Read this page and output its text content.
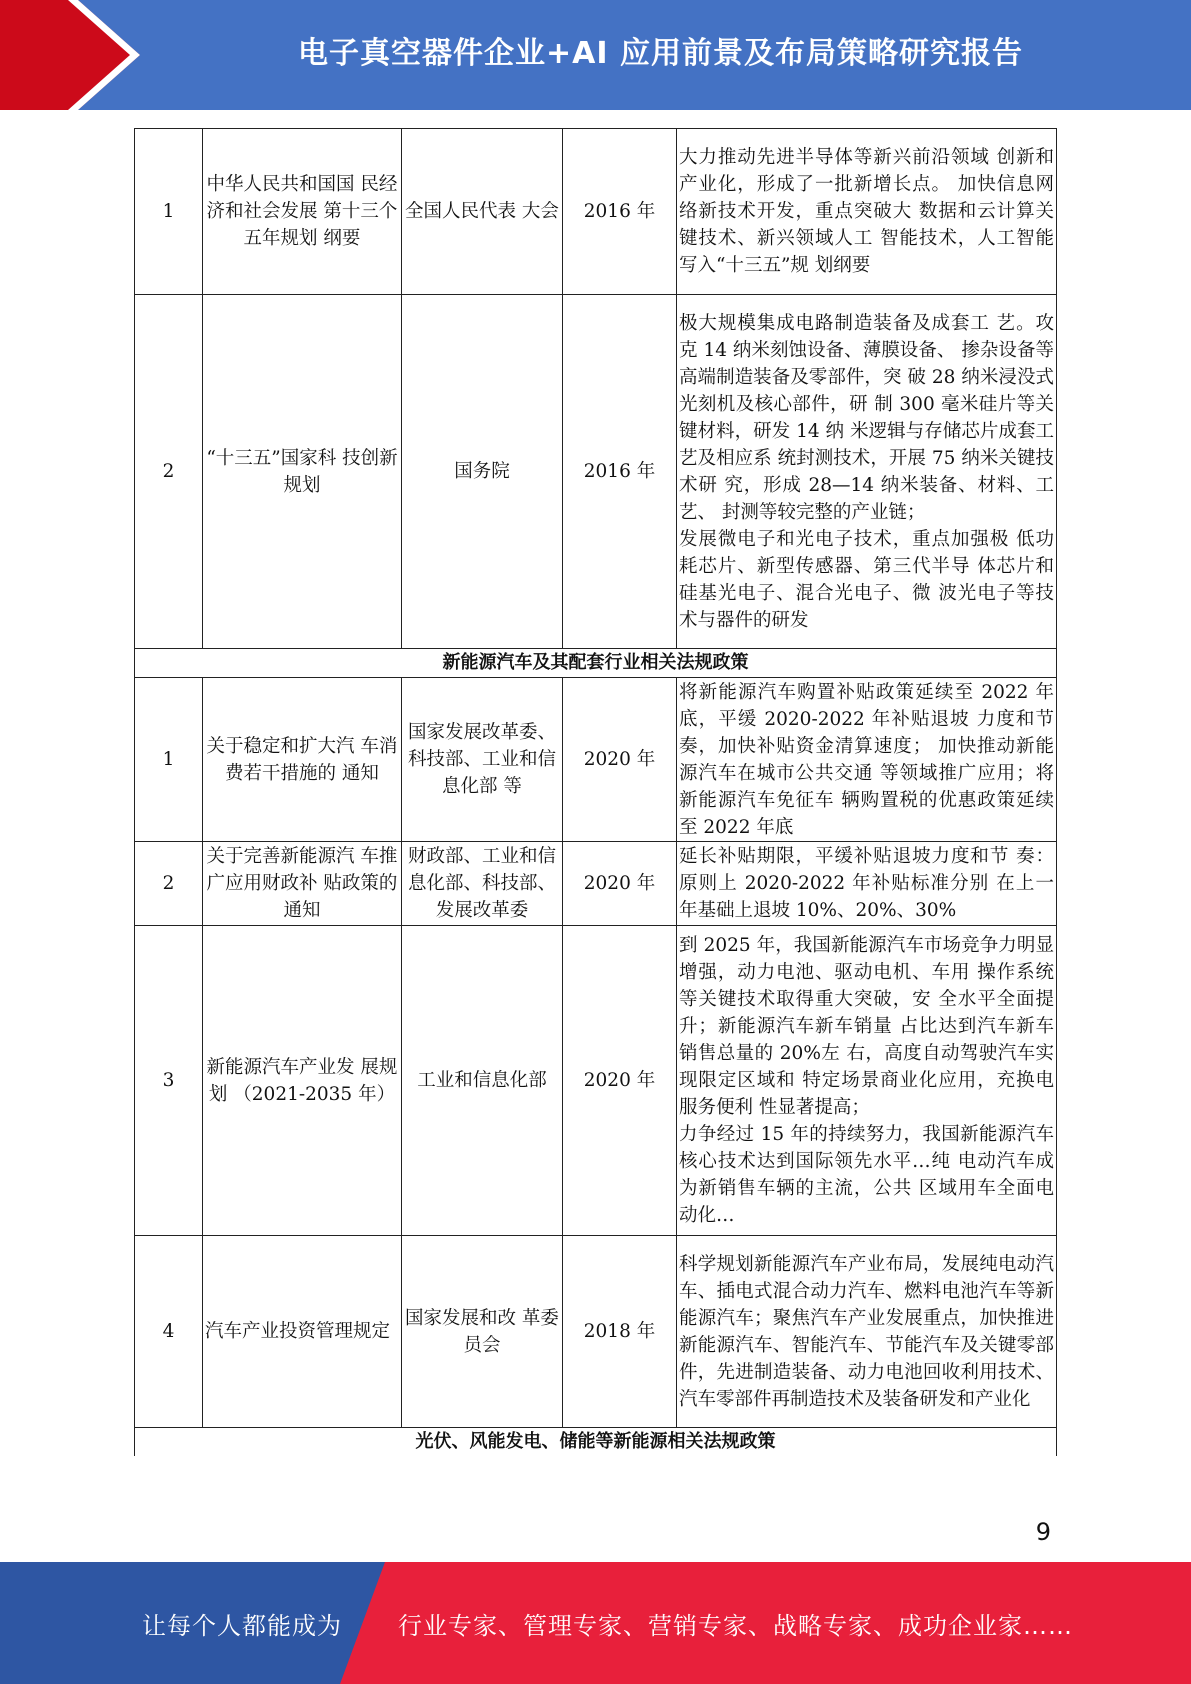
电子真空器件企业+AI 应用前景及布局策略研究报告
1	中华人民共和国国 民经济和社会发展 第十三个五年规划 纲要	全国人民代表 大会	2016 年	大力推动先进半导体等新兴前沿领域 创新和产业化，形成了一批新增长点。 加快信息网络新技术开发，重点突破大 数据和云计算关键技术、新兴领域人工 智能技术，人工智能写入“十三五”规 划纲要

2	“十三五”国家科 技创新规划	国务院	2016 年	极大规模集成电路制造装备及成套工 艺。攻克 14 纳米刻蚀设备、薄膜设备、 掺杂设备等高端制造装备及零部件，突 破 28 纳米浸没式光刻机及核心部件，研 制 300 毫米硅片等关键材料，研发 14 纳 米逻辑与存储芯片成套工艺及相应系 统封测技术，开展 75 纳米关键技术研 究，形成 28—14 纳米装备、材料、工艺、 封测等较完整的产业链；

发展微电子和光电子技术，重点加强极 低功耗芯片、新型传感器、第三代半导 体芯片和硅基光电子、混合光电子、微 波光电子等技术与器件的研发

新能源汽车及其配套行业相关法规政策				
1	关于稳定和扩大汽 车消费若干措施的 通知	国家发展改革委、科技部、工业和信息化部 等	2020 年	将新能源汽车购置补贴政策延续至 2022 年底，平缓 2020-2022 年补贴退坡 力度和节奏，加快补贴资金清算速度； 加快推动新能源汽车在城市公共交通 等领域推广应用；将新能源汽车免征车 辆购置税的优惠政策延续至 2022 年底

2	关于完善新能源汽 车推广应用财政补 贴政策的通知	财政部、工业和信息化部、科技部、发展改革委	2020 年	延长补贴期限，平缓补贴退坡力度和节 奏：原则上 2020-2022 年补贴标准分别 在上一年基础上退坡 10%、20%、30%

3	新能源汽车产业发 展规划 （2021-2035 年）	工业和信息化部	2020 年	到 2025 年，我国新能源汽车市场竞争力明显增强，动力电池、驱动电机、车用 操作系统等关键技术取得重大突破，安 全水平全面提升；新能源汽车新车销量 占比达到汽车新车销售总量的 20%左 右，高度自动驾驶汽车实现限定区域和 特定场景商业化应用，充换电服务便利 性显著提高；

力争经过 15 年的持续努力，我国新能源汽车核心技术达到国际领先水平…纯 电动汽车成为新销售车辆的主流，公共 区域用车全面电动化…

4	汽车产业投资管理规定	国家发展和改 革委员会	2018 年	科学规划新能源汽车产业布局，发展纯电动汽车、插电式混合动力汽车、燃料电池汽车等新能源汽车；聚焦汽车产业发展重点，加快推进新能源汽车、智能汽车、节能汽车及关键零部件，先进制造装备、动力电池回收利用技术、汽车零部件再制造技术及装备研发和产业化

光伏、风能发电、储能等新能源相关法规政策				
9
让每个人都能成为 行业专家、管理专家、营销专家、战略专家、成功企业家……
